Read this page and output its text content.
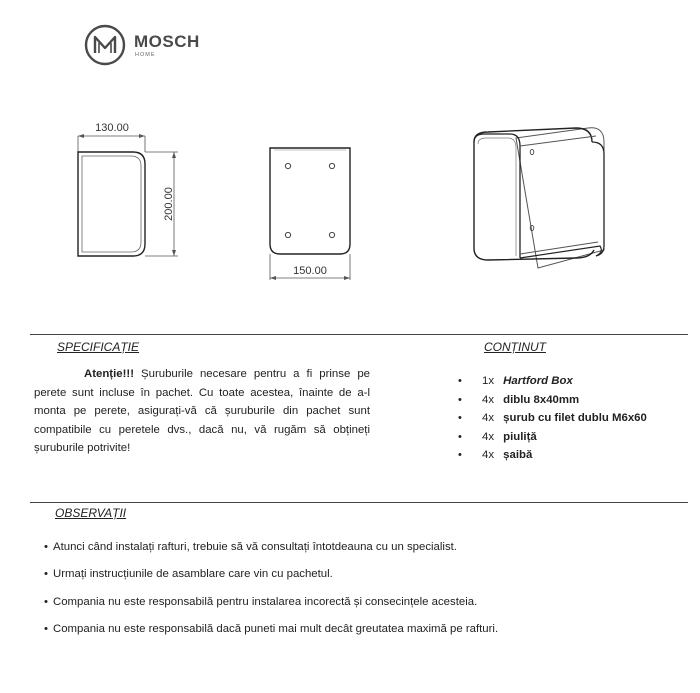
MOSCH
HOME
130.00
200.00
150.00
SPECIFICAȚIE	CONȚINUT
Atenție!!! Șuruburile necesare pentru a fi prinse pe perete sunt incluse în pachet. Cu toate acestea, înainte de a-l monta pe perete, asigurați-vă că șuruburile din pachet sunt compatibile cu peretele dvs., dacă nu, vă rugăm să obțineți șuruburile potrivite!
• 1x Hartford Box
• 4x diblu 8x40mm
• 4x șurub cu filet dublu M6x60
• 4x piuliță
• 4x șaibă
OBSERVAȚII
• Atunci când instalați rafturi, trebuie să vă consultați întotdeauna cu un specialist.
• Urmați instrucțiunile de asamblare care vin cu pachetul.
• Compania nu este responsabilă pentru instalarea incorectă și consecințele acesteia.
• Compania nu este responsabilă dacă puneti mai mult decât greutatea maximă pe rafturi.
